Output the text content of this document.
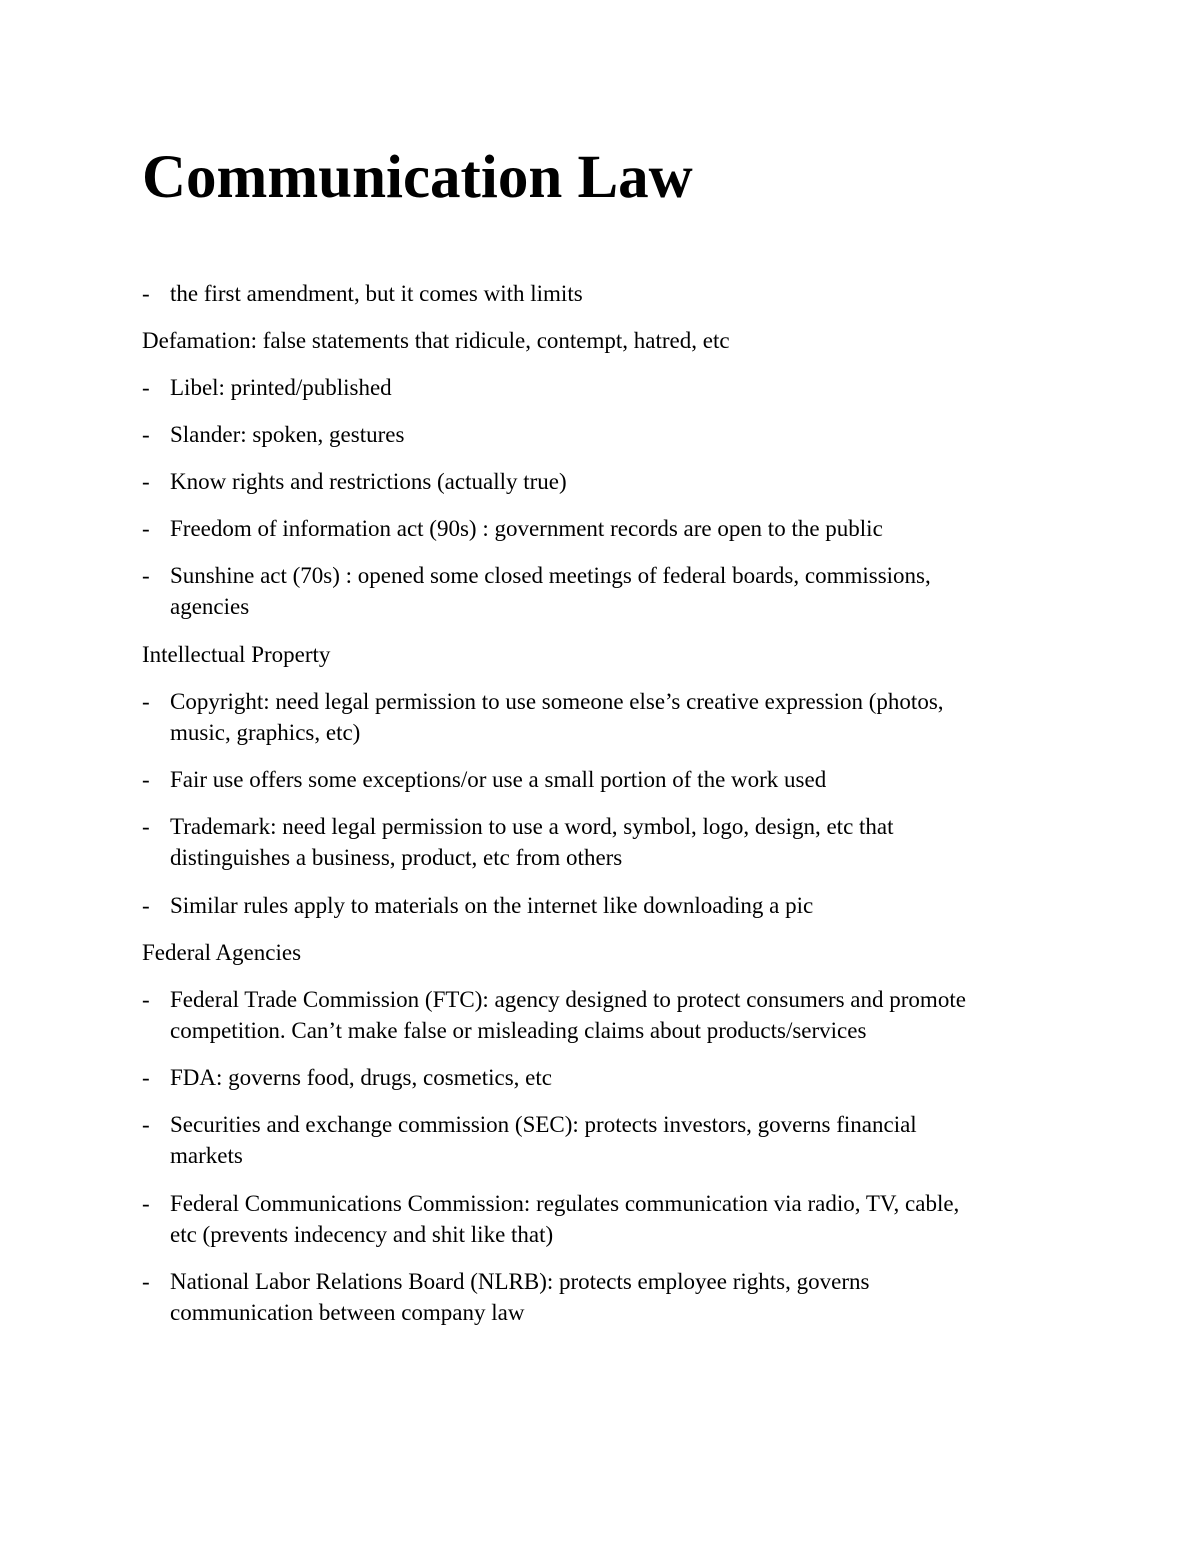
Communication Law
- the first amendment, but it comes with limits

Defamation: false statements that ridicule, contempt, hatred, etc

- Libel: printed/published
- Slander: spoken, gestures
- Know rights and restrictions (actually true)
- Freedom of information act (90s) : government records are open to the public
- Sunshine act (70s) : opened some closed meetings of federal boards, commissions,
agencies

Intellectual Property

- Copyright: need legal permission to use someone else’s creative expression (photos,
music, graphics, etc)
- Fair use offers some exceptions/or use a small portion of the work used
- Trademark: need legal permission to use a word, symbol, logo, design, etc that
distinguishes a business, product, etc from others
- Similar rules apply to materials on the internet like downloading a pic

Federal Agencies

- Federal Trade Commission (FTC): agency designed to protect consumers and promote
competition. Can’t make false or misleading claims about products/services
- FDA: governs food, drugs, cosmetics, etc
- Securities and exchange commission (SEC): protects investors, governs financial
markets
- Federal Communications Commission: regulates communication via radio, TV, cable,
etc (prevents indecency and shit like that)
- National Labor Relations Board (NLRB): protects employee rights, governs
communication between company law
